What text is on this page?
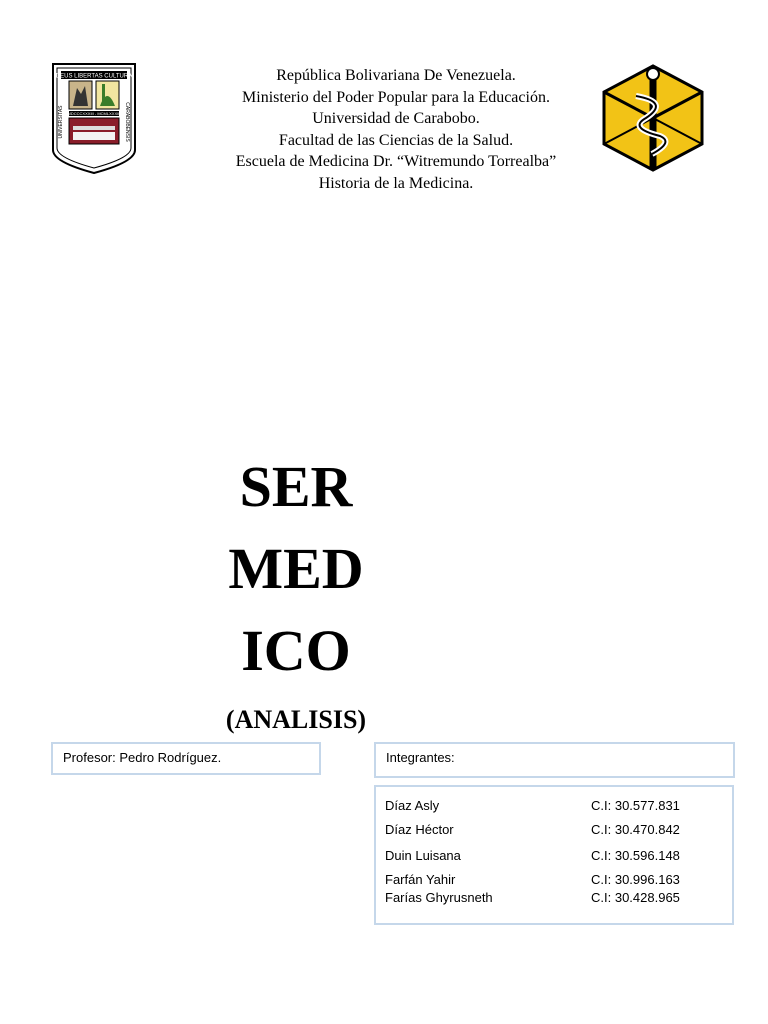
DEUS LIBERTAS CULTURA
MDCCCXXXIII - MCMLXXXIII
UNIVERSITAS	CARABOBENSIS
República Bolivariana De Venezuela.
Ministerio del Poder Popular para la Educación.
Universidad de Carabobo.
Facultad de las Ciencias de la Salud.
Escuela de Medicina Dr. “Witremundo Torrealba”
Historia de la Medicina.
SER
MED
ICO
(ANALISIS)
Profesor: Pedro Rodríguez.	Integrantes:
Díaz Asly	C.I: 30.577.831
Díaz Héctor	C.I: 30.470.842
Duin Luisana	C.I: 30.596.148
Farfán Yahir	C.I: 30.996.163
Farías Ghyrusneth	C.I: 30.428.965
